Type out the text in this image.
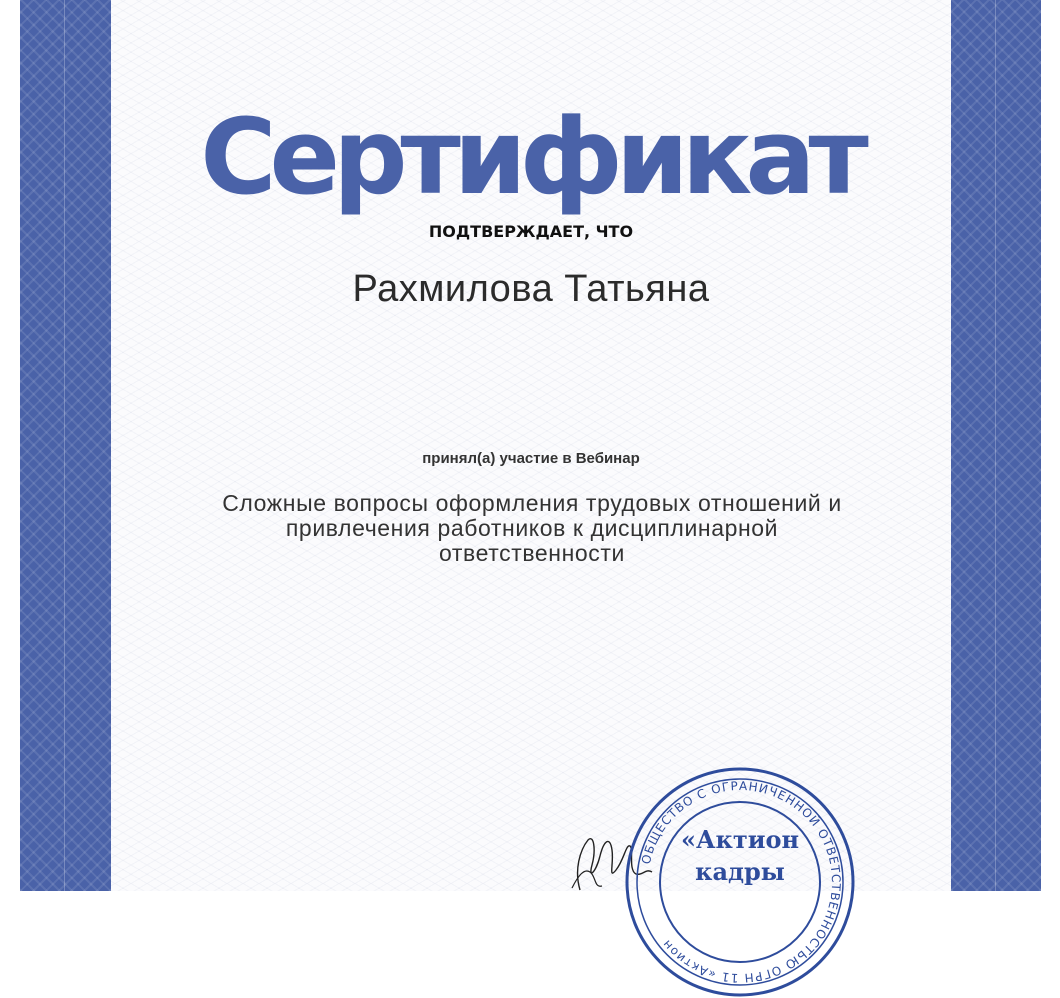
Сертификат
ПОДТВЕРЖДАЕТ, ЧТО
Рахмилова Татьяна
принял(а) участие в Вебинар
Сложные вопросы оформления трудовых отношений и привлечения работников к дисциплинарной ответственности
ОБЩЕСТВО С ОГРАНИЧЕННОЙ ОТВЕТСТВЕННОСТЬЮ ОГРН 11 «Актион
«Актион
кадры
